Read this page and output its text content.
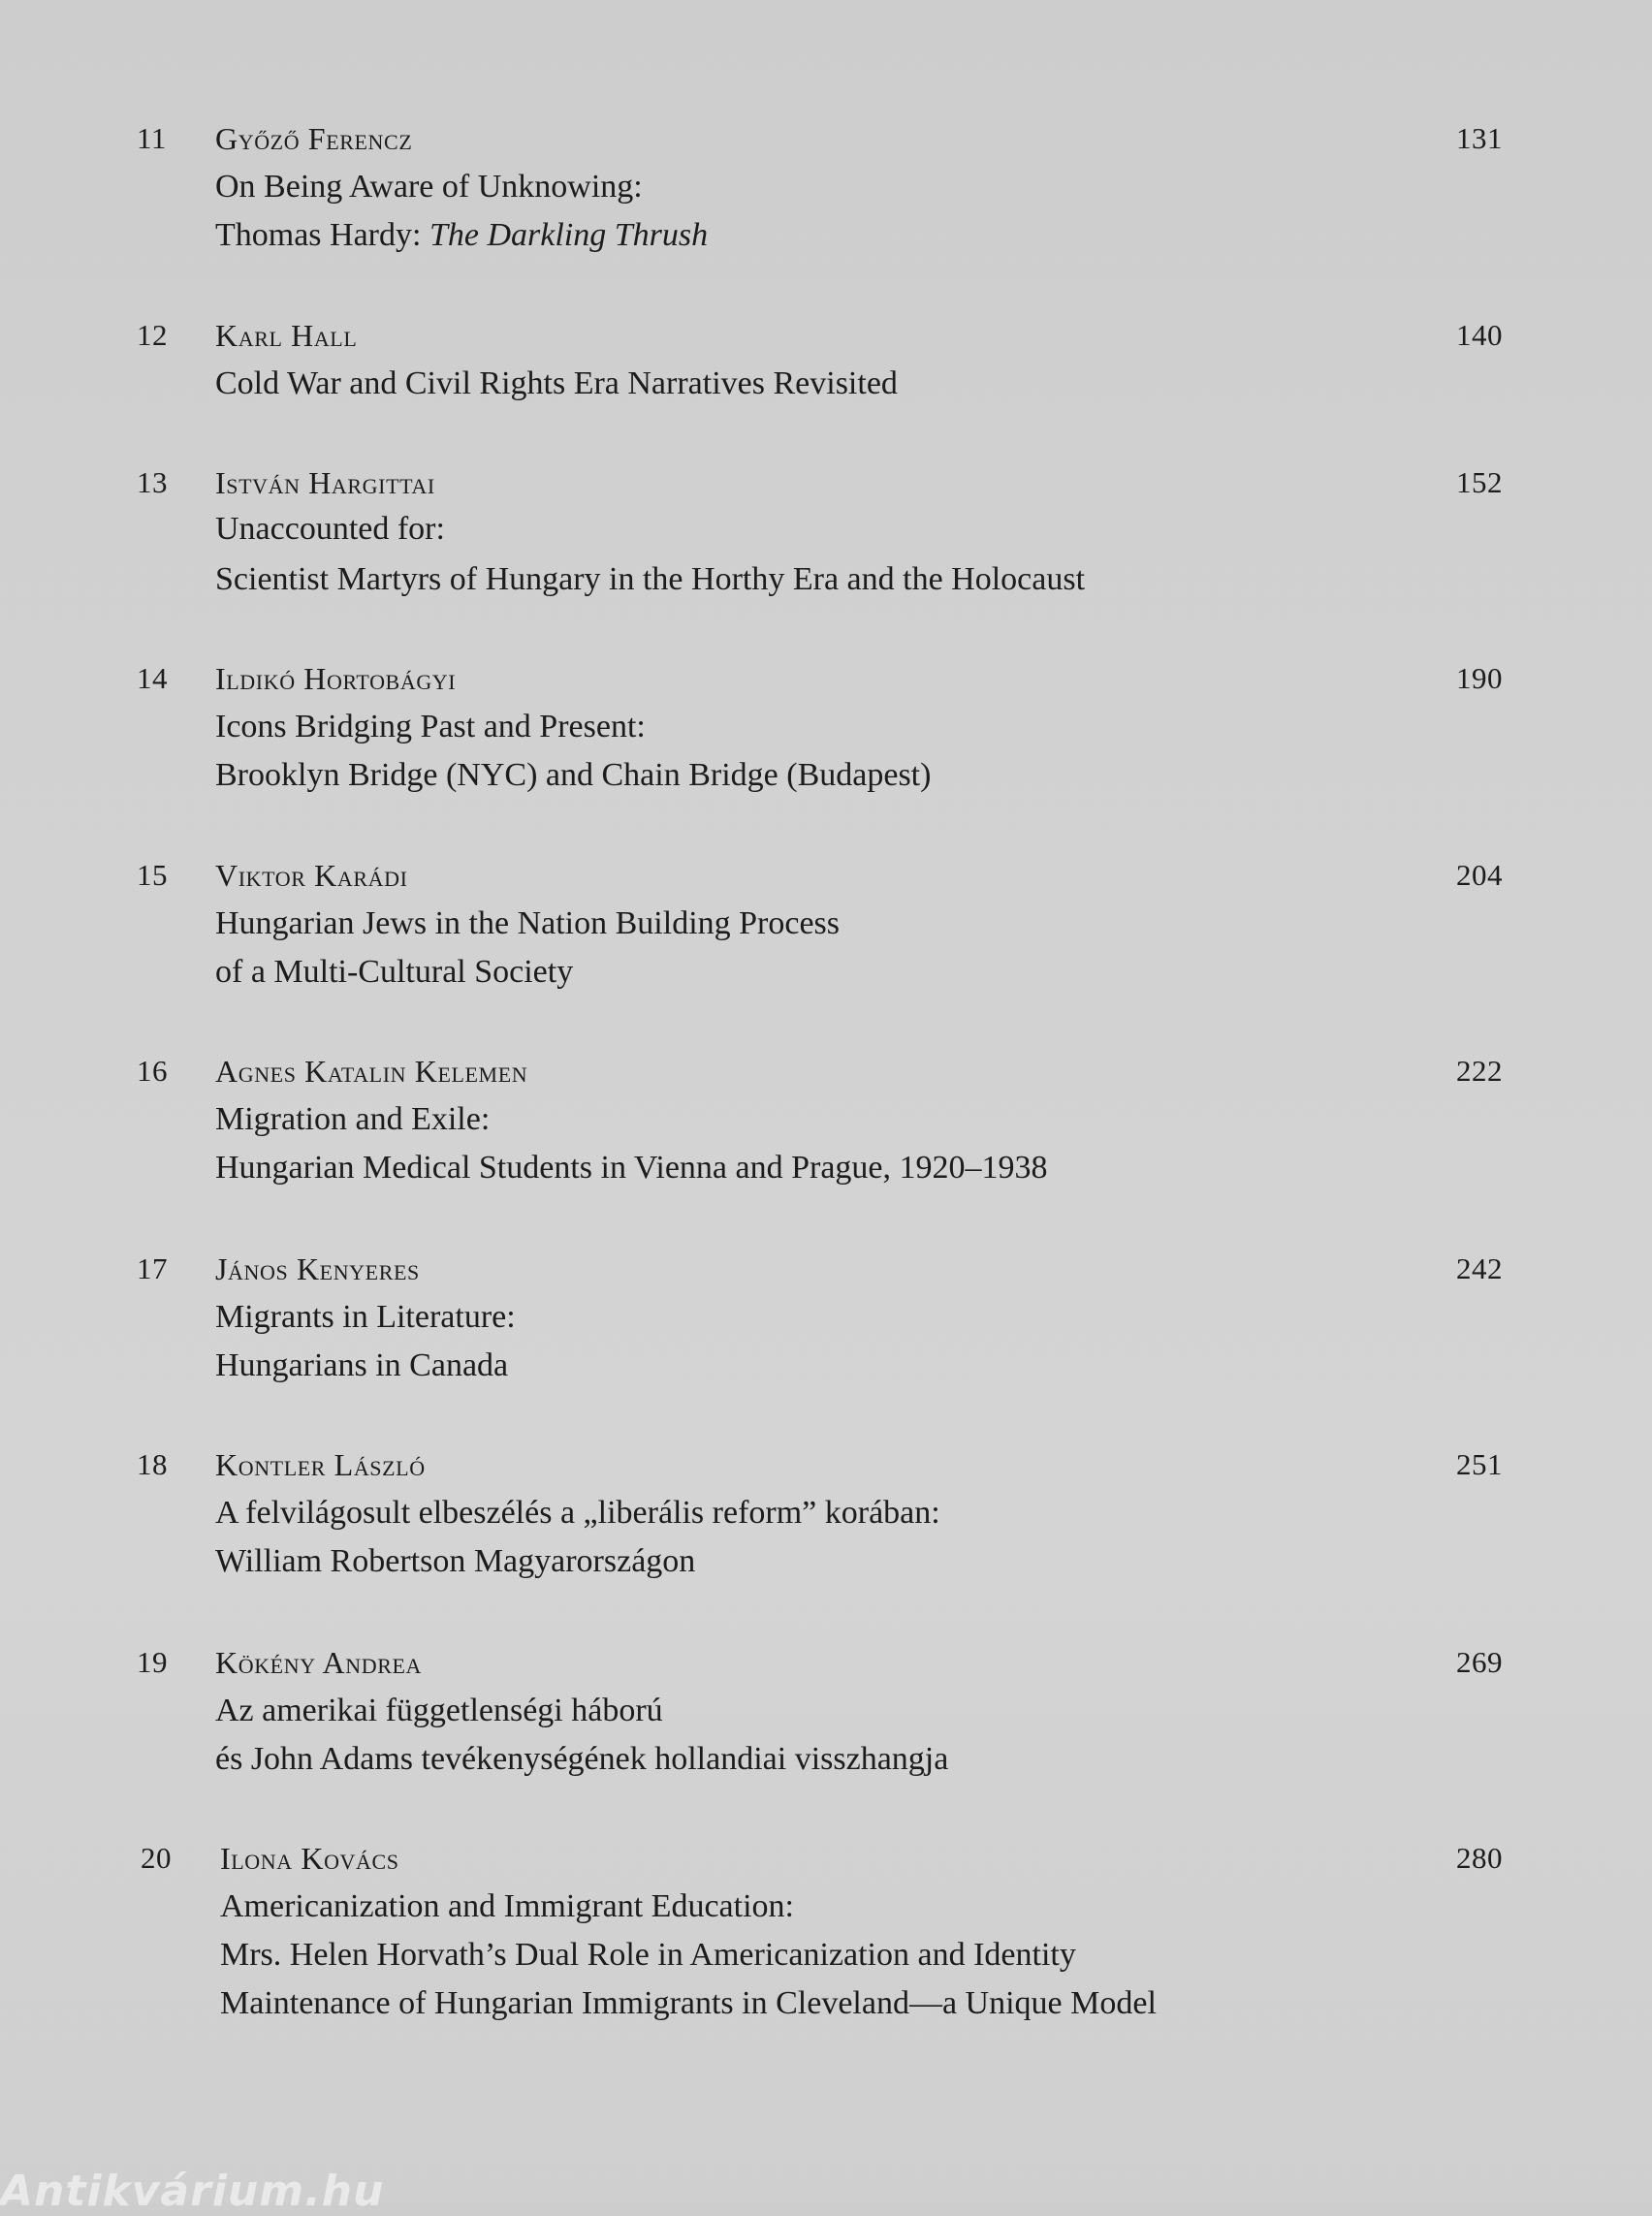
11	Győző Ferencz	131
On Being Aware of Unknowing:
Thomas Hardy: The Darkling Thrush
12	Karl Hall	140
Cold War and Civil Rights Era Narratives Revisited
13	István Hargittai	152
Unaccounted for:
Scientist Martyrs of Hungary in the Horthy Era and the Holocaust
14	Ildikó Hortobágyi	190
Icons Bridging Past and Present:
Brooklyn Bridge (NYC) and Chain Bridge (Budapest)
15	Viktor Karádi	204
Hungarian Jews in the Nation Building Process
of a Multi-Cultural Society
16	Agnes Katalin Kelemen	222
Migration and Exile:
Hungarian Medical Students in Vienna and Prague, 1920–1938
17	János Kenyeres	242
Migrants in Literature:
Hungarians in Canada
18	Kontler László	251
A felvilágosult elbeszélés a „liberális reform” korában:
William Robertson Magyarországon
19	Kökény Andrea	269
Az amerikai függetlenségi háború
és John Adams tevékenységének hollandiai visszhangja
20	Ilona Kovács	280
Americanization and Immigrant Education:
Mrs. Helen Horvath’s Dual Role in Americanization and Identity
Maintenance of Hungarian Immigrants in Cleveland—a Unique Model
Antikvárium.hu
